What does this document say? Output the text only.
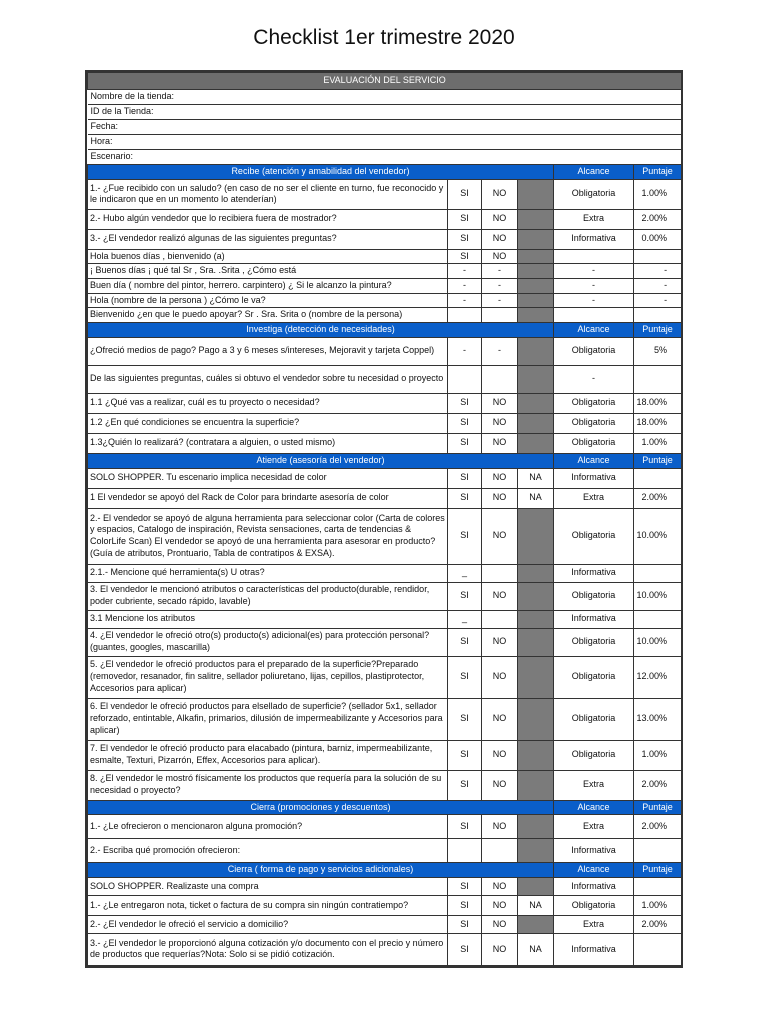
Checklist 1er trimestre 2020
EVALUACIÓN DEL SERVICIO					
Nombre de la tienda:					
ID de la Tienda:					
Fecha:					
Hora:					
Escenario:					
Recibe (atención y amabilidad del vendedor)				Alcance	Puntaje
1.- ¿Fue recibido con un saludo? (en caso de no ser el cliente en turno, fue reconocido y le indicaron que en un momento lo atenderían)	SI	NO		Obligatoria	1.00%
2.- Hubo algún vendedor que lo recibiera fuera de mostrador?	SI	NO		Extra	2.00%
3.- ¿El vendedor realizó algunas de las siguientes preguntas?	SI	NO		Informativa	0.00%
Hola buenos días , bienvenido (a)	SI	NO			
¡ Buenos días ¡ qué tal Sr , Sra. .Srita , ¿Cómo está	-	-		-	-
Buen día ( nombre del pintor, herrero. carpintero) ¿ Si le alcanzo la pintura?	-	-		-	-
Hola (nombre de la persona ) ¿Cómo le va?	-	-		-	-
Bienvenido ¿en que le puedo apoyar? Sr . Sra. Srita o (nombre de la persona)					
Investiga (detección de necesidades)				Alcance	Puntaje
¿Ofreció medios de pago? Pago a 3 y 6 meses s/intereses, Mejoravit y tarjeta Coppel)	-	-		Obligatoria	5%
De las siguientes preguntas, cuáles si obtuvo el vendedor sobre tu necesidad o proyecto				-	
1.1 ¿Qué vas a realizar, cuál es tu proyecto o necesidad?	SI	NO		Obligatoria	18.00%
1.2 ¿En qué condiciones se encuentra la superficie?	SI	NO		Obligatoria	18.00%
1.3¿Quién lo realizará? (contratara a alguien, o usted mismo)	SI	NO		Obligatoria	1.00%
Atiende (asesoría del vendedor)				Alcance	Puntaje
SOLO SHOPPER. Tu escenario implica necesidad de color	SI	NO	NA	Informativa	
1 El vendedor se apoyó del Rack de Color para brindarte asesoría de color	SI	NO	NA	Extra	2.00%
2.- El vendedor se apoyó de alguna herramienta para seleccionar color (Carta de colores y espacios, Catalogo de inspiración, Revista sensaciones, carta de tendencias & ColorLife Scan) El vendedor se apoyó de una herramienta para asesorar en producto? (Guía de atributos, Prontuario, Tabla de contratipos & EXSA).	SI	NO		Obligatoria	10.00%
2.1.- Mencione qué herramienta(s) U otras?	_			Informativa	
3. El vendedor le mencionó atributos o características del producto(durable, rendidor, poder cubriente, secado rápido, lavable)	SI	NO		Obligatoria	10.00%
3.1 Mencione los atributos	_			Informativa	
4. ¿El vendedor le ofreció otro(s) producto(s) adicional(es) para protección personal? (guantes, googles, mascarilla)	SI	NO		Obligatoria	10.00%
5. ¿El vendedor le ofreció productos para el preparado de la superficie?Preparado (removedor, resanador, fin salitre, sellador poliuretano, lijas, cepillos, plastiprotector, Accesorios para aplicar)	SI	NO		Obligatoria	12.00%
6. El vendedor le ofreció productos para elsellado de superficie? (sellador 5x1, sellador reforzado, entintable, Alkafin, primarios, dilusión de impermeabilizante y Accesorios para aplicar)	SI	NO		Obligatoria	13.00%
7. El vendedor le ofreció producto para elacabado (pintura, barniz, impermeabilizante, esmalte, Texturi, Pizarrón, Effex, Accesorios para aplicar).	SI	NO		Obligatoria	1.00%
8. ¿El vendedor le mostró físicamente los productos que requería para la solución de su necesidad o proyecto?	SI	NO		Extra	2.00%
Cierra (promociones y descuentos)				Alcance	Puntaje
1.- ¿Le ofrecieron o mencionaron alguna promoción?	SI	NO		Extra	2.00%
2.- Escriba qué promoción ofrecieron:				Informativa	
Cierra ( forma de pago y servicios adicionales)				Alcance	Puntaje
SOLO SHOPPER. Realizaste una compra	SI	NO		Informativa	
1.- ¿Le entregaron nota, ticket o factura de su compra sin ningún contratiempo?	SI	NO	NA	Obligatoria	1.00%
2.- ¿El vendedor le ofreció el servicio a domicilio?	SI	NO		Extra	2.00%
3.- ¿El vendedor le proporcionó alguna cotización y/o documento con el precio y número de productos que requerías?Nota: Solo si se pidió cotización.	SI	NO	NA	Informativa	
